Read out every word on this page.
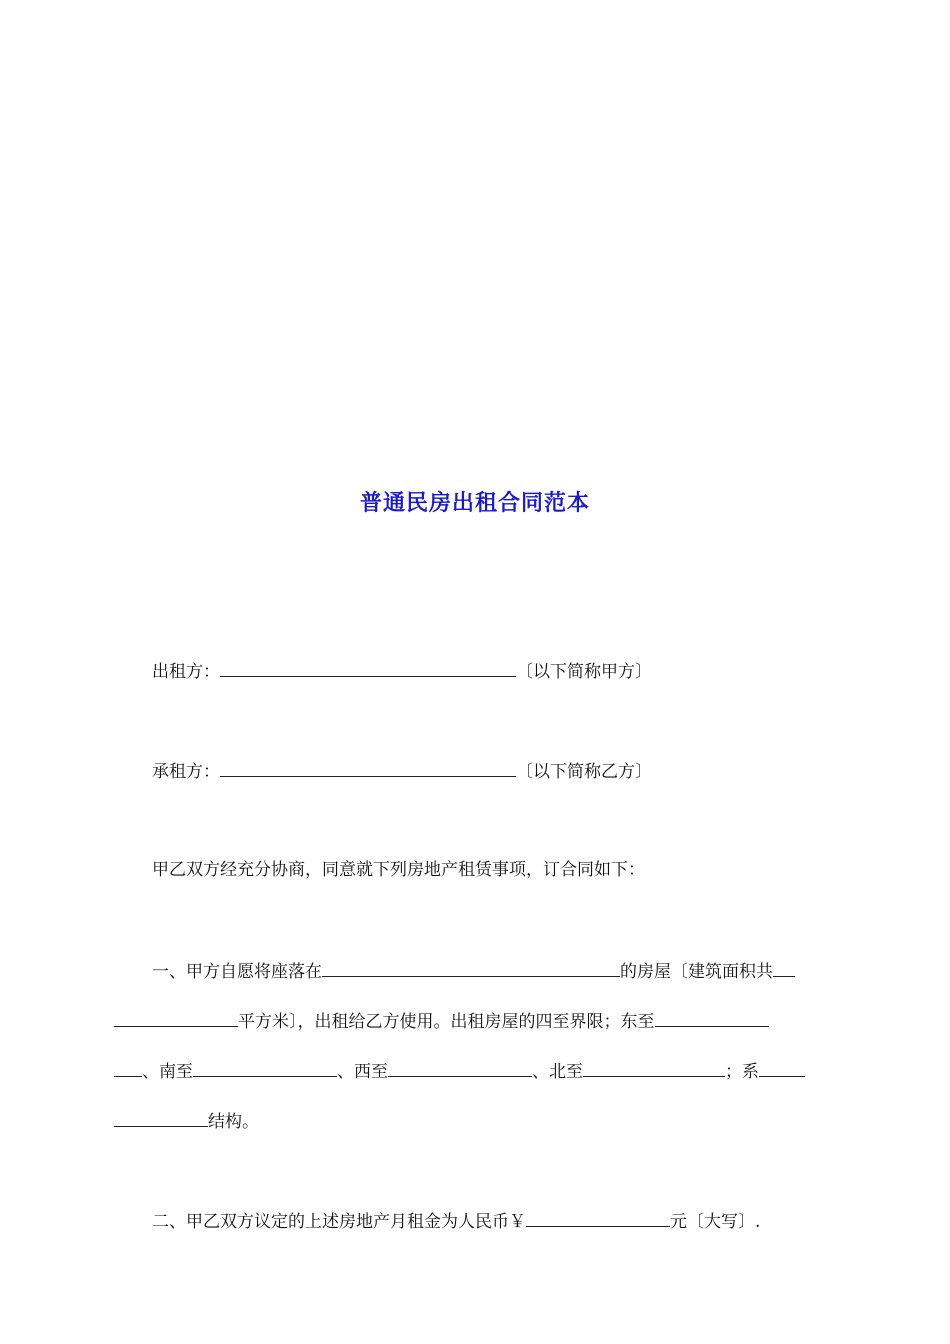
普通民房出租合同范本
出租方：	〔以下简称甲方〕
承租方：	〔以下简称乙方〕
甲乙双方经充分协商，同意就下列房地产租赁事项，订合同如下：
一、甲方自愿将座落在	的房屋〔建筑面积共
平方米〕，出租给乙方使用。出租房屋的四至界限；东至
、南至	、西至	、北至	；系
结构。
二、甲乙双方议定的上述房地产月租金为人民币￥	元〔大写〕.
